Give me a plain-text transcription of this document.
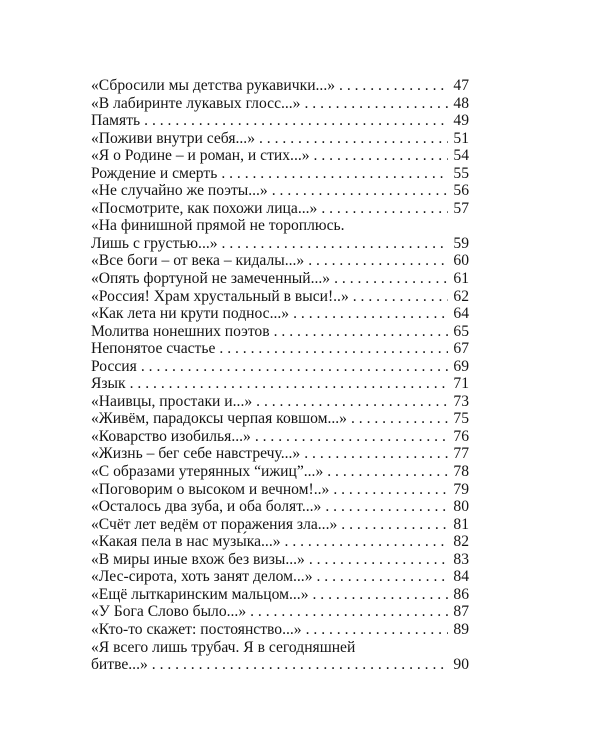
«Сбросили мы детства рукавички...» . . .	47
«В лабиринте лукавых глосс...» . . .	48
Память . . .	49
«Поживи внутри себя...» . . .	51
«Я о Родине – и роман, и стих...» . . .	54
Рождение и смерть . . .	55
«Не случайно же поэты...» . . .	56
«Посмотрите, как похожи лица...» . . .	57
«На финишной прямой не тороплюсь.
Лишь с грустью...» . . .	59
«Все боги – от века – кидалы...» . . .	60
«Опять фортуной не замеченный...» . . .	61
«Россия! Храм хрустальный в выси!..» . . .	62
«Как лета ни крути поднос...» . . .	64
Молитва нонешних поэтов . . .	65
Непонятое счастье . . .	67
Россия . . .	69
Язык . . .	71
«Наивцы, простаки и...» . . .	73
«Живём, парадоксы черпая ковшом...» . . .	75
«Коварство изобилья...» . . .	76
«Жизнь – бег себе навстречу...» . . .	77
«С образами утерянных “ижиц”...» . . .	78
«Поговорим о высоком и вечном!..» . . .	79
«Осталось два зуба, и оба болят...» . . .	80
«Счёт лет ведём от поражения зла...» . . .	81
«Какая пела в нас музы́ка...» . . .	82
«В миры иные вхож без визы...» . . .	83
«Лес-сирота, хоть занят делом...» . . .	84
«Ещё лыткаринским мальцом...» . . .	86
«У Бога Слово было...» . . .	87
«Кто-то скажет: постоянство...» . . .	89
«Я всего лишь трубач. Я в сегодняшней
битве...» . . .	90
